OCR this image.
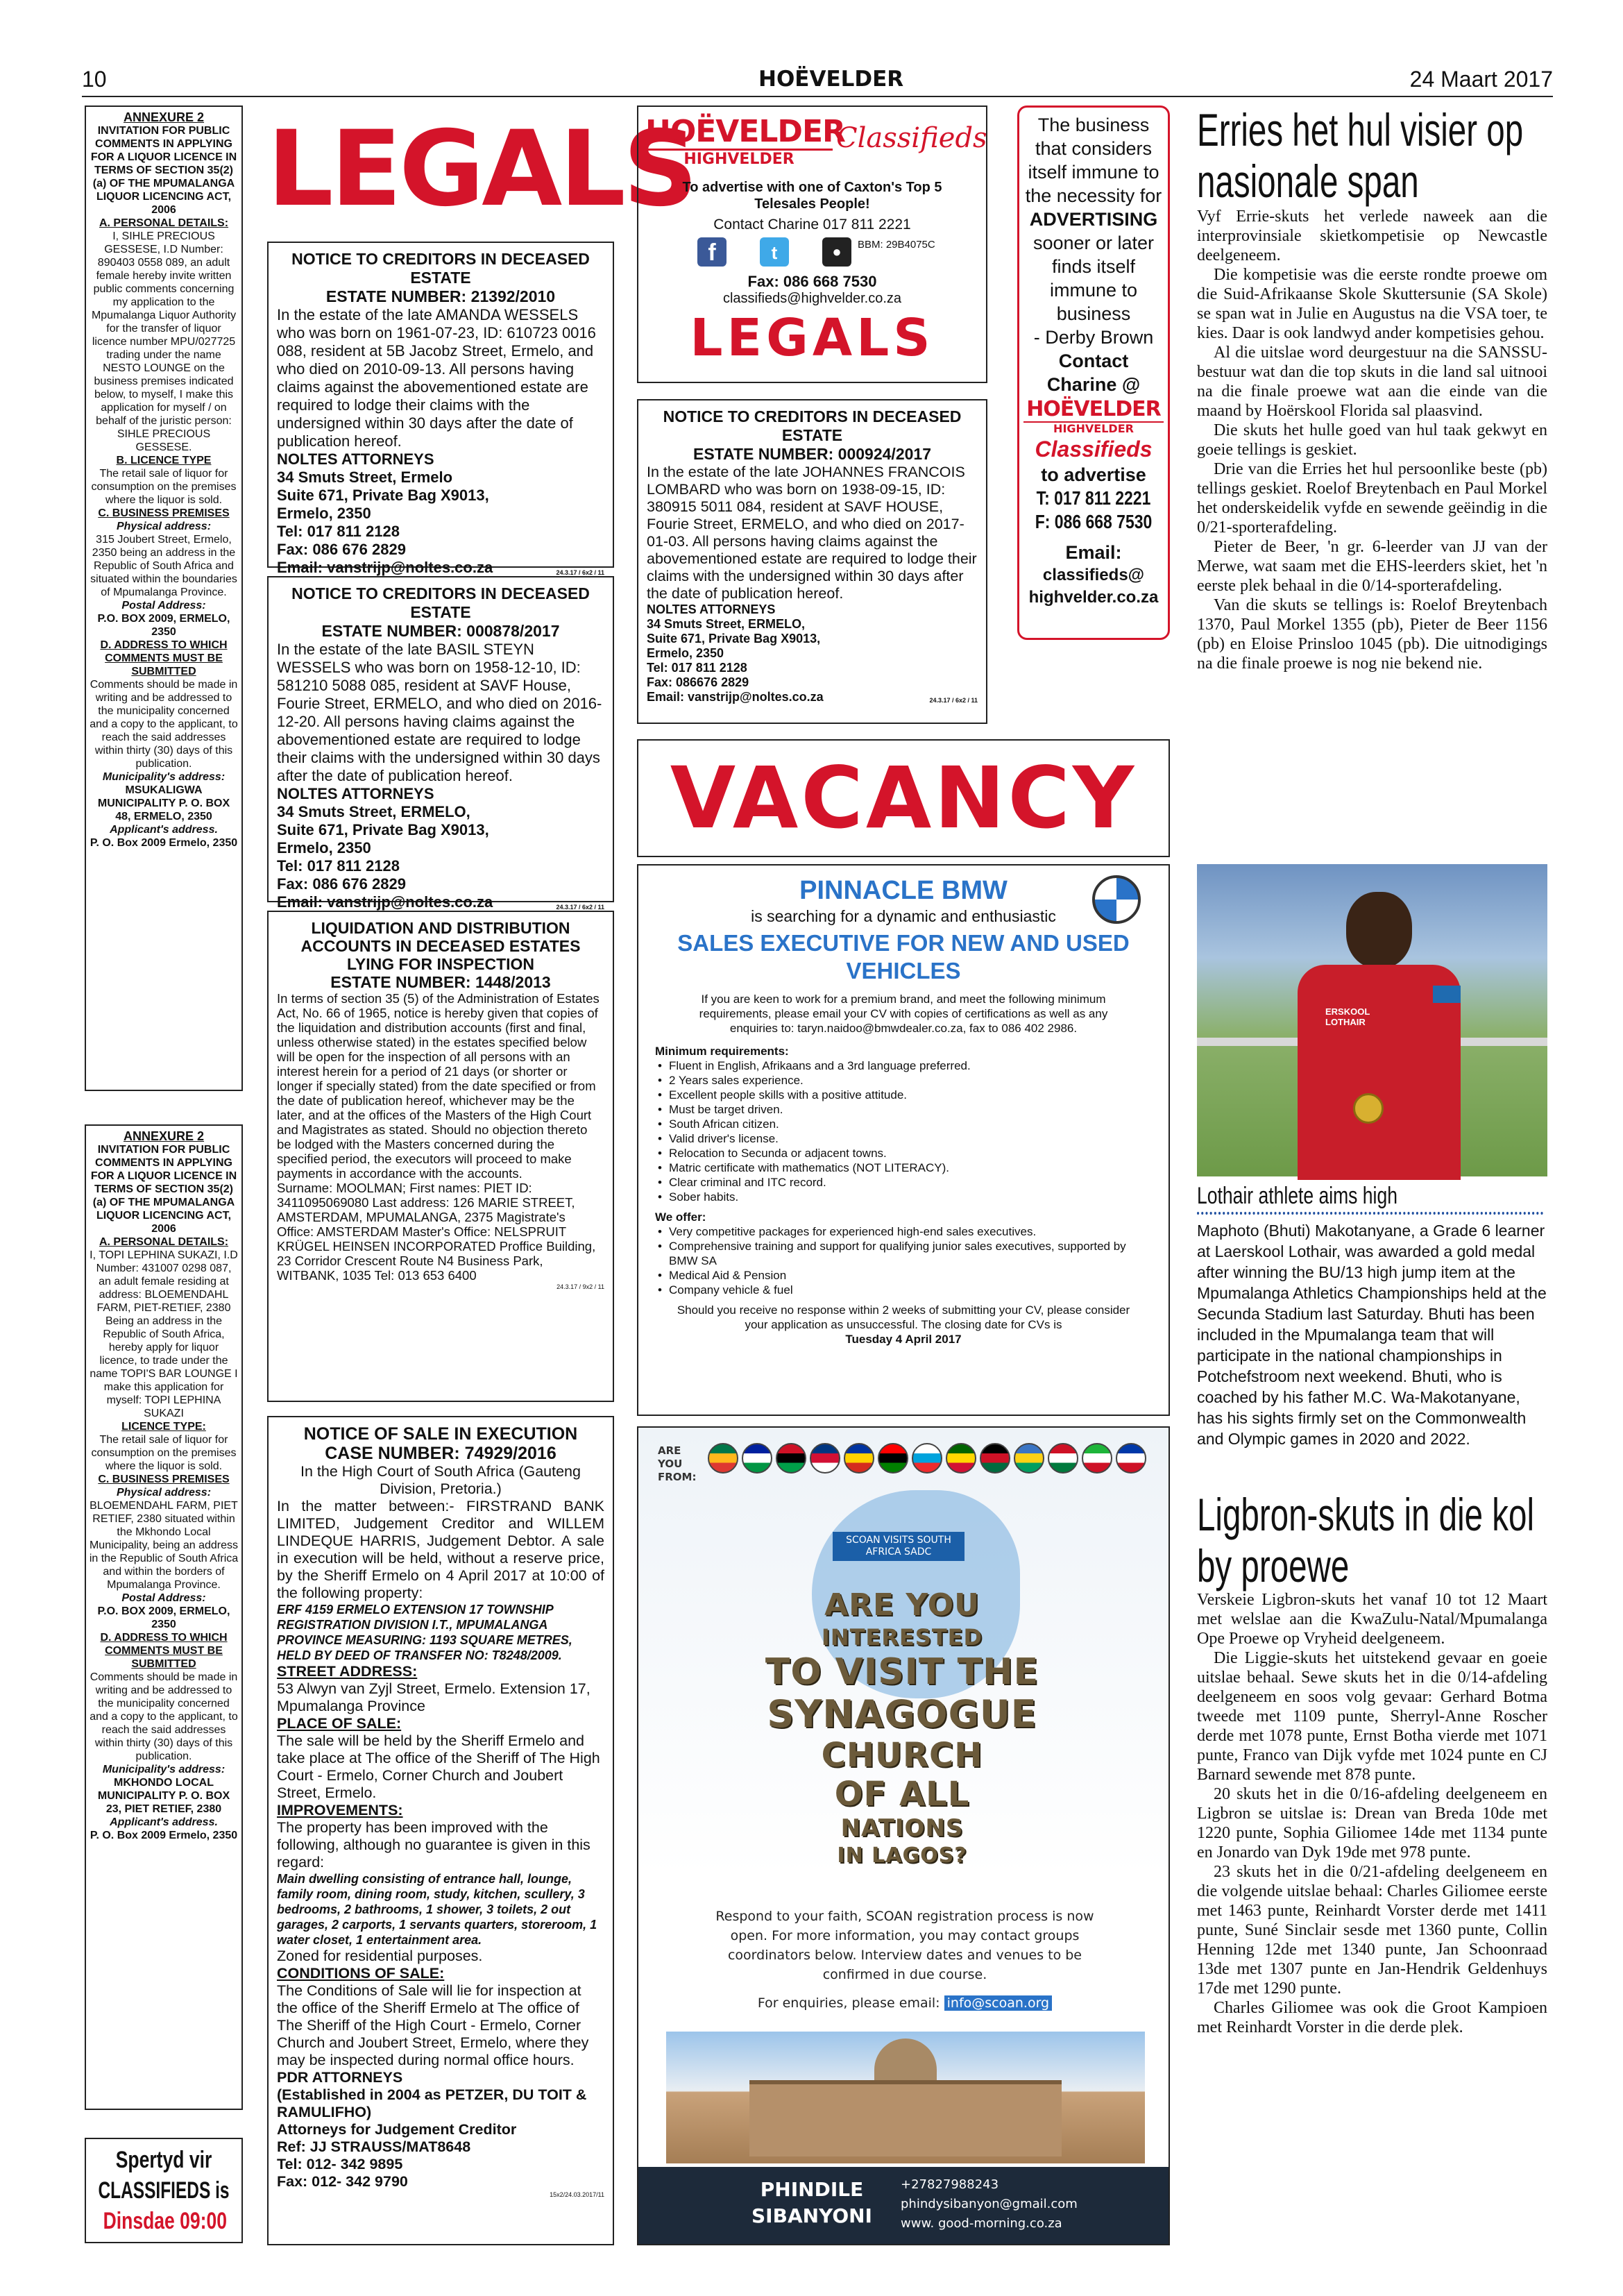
10	HOËVELDER	24 Maart 2017
ANNEXURE 2
INVITATION FOR PUBLIC COMMENTS IN APPLYING FOR A LIQUOR LICENCE IN TERMS OF SECTION 35(2)(a) OF THE MPUMALANGA LIQUOR LICENCING ACT, 2006
A. PERSONAL DETAILS:
I, SIHLE PRECIOUS GESSESE, I.D Number: 890403 0558 089, an adult female hereby invite written public comments concerning my application to the Mpumalanga Liquor Authority for the transfer of liquor licence number MPU/027725 trading under the name NESTO LOUNGE on the business premises indicated below, to myself, I make this application for myself / on behalf of the juristic person: SIHLE PRECIOUS GESSESE.
B. LICENCE TYPE
The retail sale of liquor for consumption on the premises where the liquor is sold.
C. BUSINESS PREMISES
Physical address:
315 Joubert Street, Ermelo, 2350 being an address in the Republic of South Africa and situated within the boundaries of Mpumalanga Province.
Postal Address:
P.O. BOX 2009, ERMELO, 2350
D. ADDRESS TO WHICH COMMENTS MUST BE SUBMITTED
Comments should be made in writing and be addressed to the municipality concerned and a copy to the applicant, to reach the said addresses within thirty (30) days of this publication.
Municipality's address:
MSUKALIGWA MUNICIPALITY P. O. BOX 48, ERMELO, 2350
Applicant's address.
P. O. Box 2009 Ermelo, 2350
ANNEXURE 2
INVITATION FOR PUBLIC COMMENTS IN APPLYING FOR A LIQUOR LICENCE IN TERMS OF SECTION 35(2)(a) OF THE MPUMALANGA LIQUOR LICENCING ACT, 2006
A. PERSONAL DETAILS:
I, TOPI LEPHINA SUKAZI, I.D Number: 431007 0298 087, an adult female residing at address: BLOEMENDAHL FARM, PIET-RETIEF, 2380 Being an address in the Republic of South Africa, hereby apply for liquor licence, to trade under the name TOPI'S BAR LOUNGE I make this application for myself: TOPI LEPHINA SUKAZI
LICENCE TYPE:
The retail sale of liquor for consumption on the premises where the liquor is sold.
C. BUSINESS PREMISES
Physical address:
BLOEMENDAHL FARM, PIET RETIEF, 2380 situated within the Mkhondo Local Municipality, being an address in the Republic of South Africa and within the borders of Mpumalanga Province.
Postal Address:
P.O. BOX 2009, ERMELO, 2350
D. ADDRESS TO WHICH COMMENTS MUST BE SUBMITTED
Comments should be made in writing and be addressed to the municipality concerned and a copy to the applicant, to reach the said addresses within thirty (30) days of this publication.
Municipality's address:
MKHONDO LOCAL MUNICIPALITY P. O. BOX 23, PIET RETIEF, 2380
Applicant's address.
P. O. Box 2009 Ermelo, 2350
Spertyd vir
CLASSIFIEDS is
Dinsdae 09:00
LEGALS
NOTICE TO CREDITORS IN DECEASED ESTATE
ESTATE NUMBER: 21392/2010
In the estate of the late AMANDA WESSELS who was born on 1961-07-23, ID: 610723 0016 088, resident at 5B Jacobz Street, Ermelo, and who died on 2010-09-13. All persons having claims against the abovementioned estate are required to lodge their claims with the undersigned within 30 days after the date of publication hereof.
NOLTES ATTORNEYS
34 Smuts Street, Ermelo
Suite 671, Private Bag X9013,
Ermelo, 2350
Tel: 017 811 2128
Fax: 086 676 2829
Email: vanstrijp@noltes.co.za	24.3.17 / 6x2 / 11
NOTICE TO CREDITORS IN DECEASED ESTATE
ESTATE NUMBER: 000878/2017
In the estate of the late BASIL STEYN WESSELS who was born on 1958-12-10, ID: 581210 5088 085, resident at SAVF House, Fourie Street, ERMELO, and who died on 2016-12-20. All persons having claims against the abovementioned estate are required to lodge their claims with the undersigned within 30 days after the date of publication hereof.
NOLTES ATTORNEYS
34 Smuts Street, ERMELO,
Suite 671, Private Bag X9013,
Ermelo, 2350
Tel: 017 811 2128
Fax: 086 676 2829
Email: vanstrijp@noltes.co.za	24.3.17 / 6x2 / 11
LIQUIDATION AND DISTRIBUTION ACCOUNTS IN DECEASED ESTATES LYING FOR INSPECTION
ESTATE NUMBER: 1448/2013
In terms of section 35 (5) of the Administration of Estates Act, No. 66 of 1965, notice is hereby given that copies of the liquidation and distribution accounts (first and final, unless otherwise stated) in the estates specified below will be open for the inspection of all persons with an interest herein for a period of 21 days (or shorter or longer if specially stated) from the date specified or from the date of publication hereof, whichever may be the later, and at the offices of the Masters of the High Court and Magistrates as stated. Should no objection thereto be lodged with the Masters concerned during the specified period, the executors will proceed to make payments in accordance with the accounts.
Surname: MOOLMAN; First names: PIET ID: 3411095069080 Last address: 126 MARIE STREET, AMSTERDAM, MPUMALANGA, 2375 Magistrate's Office: AMSTERDAM Master's Office: NELSPRUIT KRÜGEL HEINSEN INCORPORATED Proffice Building, 23 Corridor Crescent Route N4 Business Park, WITBANK, 1035 Tel: 013 653 6400
24.3.17 / 9x2 / 11
NOTICE OF SALE IN EXECUTION
CASE NUMBER: 74929/2016
In the High Court of South Africa (Gauteng Division, Pretoria.)
In the matter between:- FIRSTRAND BANK LIMITED, Judgement Creditor and WILLEM LINDEQUE HARRIS, Judgement Debtor. A sale in execution will be held, without a reserve price, by the Sheriff Ermelo on 4 April 2017 at 10:00 of the following property:
ERF 4159 ERMELO EXTENSION 17 TOWNSHIP REGISTRATION DIVISION I.T., MPUMALANGA PROVINCE MEASURING: 1193 SQUARE METRES, HELD BY DEED OF TRANSFER NO: T8248/2009.
STREET ADDRESS:
53 Alwyn van Zyjl Street, Ermelo. Extension 17, Mpumalanga Province
PLACE OF SALE:
The sale will be held by the Sheriff Ermelo and take place at The office of the Sheriff of The High Court - Ermelo, Corner Church and Joubert Street, Ermelo.
IMPROVEMENTS:
The property has been improved with the following, although no guarantee is given in this regard:
Main dwelling consisting of entrance hall, lounge, family room, dining room, study, kitchen, scullery, 3 bedrooms, 2 bathrooms, 1 shower, 3 toilets, 2 out garages, 2 carports, 1 servants quarters, storeroom, 1 water closet, 1 entertainment area.
Zoned for residential purposes.
CONDITIONS OF SALE:
The Conditions of Sale will lie for inspection at the office of the Sheriff Ermelo at The office of The Sheriff of the High Court - Ermelo, Corner Church and Joubert Street, Ermelo, where they may be inspected during normal office hours.
PDR ATTORNEYS
(Established in 2004 as PETZER, DU TOIT & RAMULIFHO)
Attorneys for Judgement Creditor
Ref: JJ STRAUSS/MAT8648
Tel: 012- 342 9895
Fax: 012- 342 9790
15x2/24.03.2017/11
HOËVELDER
HIGHVELDER
Classifieds
To advertise with one of Caxton's Top 5 Telesales People!
Contact Charine 017 811 2221
f	t	●	BBM: 29B4075C
Fax: 086 668 7530
classifieds@highvelder.co.za
LEGALS
NOTICE TO CREDITORS IN DECEASED ESTATE
ESTATE NUMBER: 000924/2017
In the estate of the late JOHANNES FRANCOIS LOMBARD who was born on 1938-09-15, ID: 380915 5011 084, resident at SAVF HOUSE, Fourie Street, ERMELO, and who died on 2017-01-03. All persons having claims against the abovementioned estate are required to lodge their claims with the undersigned within 30 days after the date of publication hereof.
NOLTES ATTORNEYS
34 Smuts Street, ERMELO,
Suite 671, Private Bag X9013,
Ermelo, 2350
Tel: 017 811 2128
Fax: 086676 2829
Email: vanstrijp@noltes.co.za	24.3.17 / 6x2 / 11
The business that considers itself immune to the necessity for
ADVERTISING
sooner or later finds itself immune to business
- Derby Brown
Contact Charine @
HOËVELDER
HIGHVELDER
Classifieds
to advertise
T: 017 811 2221
F: 086 668 7530
Email:
classifieds@ highvelder.co.za
VACANCY
PINNACLE BMW
is searching for a dynamic and enthusiastic
SALES EXECUTIVE FOR NEW AND USED VEHICLES
If you are keen to work for a premium brand, and meet the following minimum requirements, please email your CV with copies of certifications as well as any enquiries to: taryn.naidoo@bmwdealer.co.za, fax to 086 402 2986.
Minimum requirements:
• Fluent in English, Afrikaans and a 3rd language preferred.
• 2 Years sales experience.
• Excellent people skills with a positive attitude.
• Must be target driven.
• South African citizen.
• Valid driver's license.
• Relocation to Secunda or adjacent towns.
• Matric certificate with mathematics (NOT LITERACY).
• Clear criminal and ITC record.
• Sober habits.
We offer:
• Very competitive packages for experienced high-end sales executives.
• Comprehensive training and support for qualifying junior sales executives, supported by BMW SA
• Medical Aid & Pension
• Company vehicle & fuel
Should you receive no response within 2 weeks of submitting your CV, please consider your application as unsuccessful. The closing date for CVs is
Tuesday 4 April 2017
ARE YOU FROM:
SCOAN VISITS SOUTH AFRICA SADC
ARE YOU
INTERESTED
TO VISIT THE
SYNAGOGUE
CHURCH
OF ALL
NATIONS
IN LAGOS?
Respond to your faith, SCOAN registration process is now open. For more information, you may contact groups coordinators below. Interview dates and venues to be confirmed in due course.
For enquiries, please email: info@scoan.org
PHINDILE
SIBANYONI
+27827988243
phindysibanyon@gmail.com
www. good-morning.co.za
Erries het hul visier op nasionale span

Vyf Errie-skuts het verlede naweek aan die interprovinsiale skietkompetisie op Newcastle deelgeneem.

Die kompetisie was die eerste rondte proewe om die Suid-Afrikaanse Skole Skuttersunie (SA Skole) se span wat in Julie en Augustus na die VSA toer, te kies. Daar is ook landwyd ander kompetisies gehou.

Al die uitslae word deurgestuur na die SANSSU-bestuur wat dan die top skuts in die land sal uitnooi na die finale proewe wat aan die einde van die maand by Hoërskool Florida sal plaasvind.

Die skuts het hulle goed van hul taak gekwyt en goeie tellings is geskiet.

Drie van die Erries het hul persoonlike beste (pb) tellings geskiet. Roelof Breytenbach en Paul Morkel het onderskeidelik vyfde en sewende geëindig in die 0/21-sporterafdeling.

Pieter de Beer, 'n gr. 6-leerder van JJ van der Merwe, wat saam met die EHS-leerders skiet, het 'n eerste plek behaal in die 0/14-sporterafdeling.

Van die skuts se tellings is: Roelof Breytenbach 1370, Paul Morkel 1355 (pb), Pieter de Beer 1156 (pb) en Eloise Prinsloo 1045 (pb). Die uitnodigings na die finale proewe is nog nie bekend nie.

ERSKOOL LOTHAIR
Lothair athlete aims high
Maphoto (Bhuti) Makotanyane, a Grade 6 learner at Laerskool Lothair, was awarded a gold medal after winning the BU/13 high jump item at the Mpumalanga Athletics Championships held at the Secunda Stadium last Saturday. Bhuti has been included in the Mpumalanga team that will participate in the national championships in Potchefstroom next weekend. Bhuti, who is coached by his father M.C. Wa-Makotanyane, has his sights firmly set on the Commonwealth and Olympic games in 2020 and 2022.
Ligbron-skuts in die kol by proewe

Verskeie Ligbron-skuts het vanaf 10 tot 12 Maart met welslae aan die KwaZulu-Natal/Mpumalanga Ope Proewe op Vryheid deelgeneem.

Die Liggie-skuts het uitstekend gevaar en goeie uitslae behaal. Sewe skuts het in die 0/14-afdeling deelgeneem en soos volg gevaar: Gerhard Botma tweede met 1109 punte, Sherryl-Anne Roscher derde met 1078 punte, Ernst Botha vierde met 1071 punte, Franco van Dijk vyfde met 1024 punte en CJ Barnard sewende met 878 punte.

20 skuts het in die 0/16-afdeling deelgeneem en Ligbron se uitslae is: Drean van Breda 10de met 1220 punte, Sophia Giliomee 14de met 1134 punte en Jonardo van Dyk 19de met 978 punte.

23 skuts het in die 0/21-afdeling deelgeneem en die volgende uitslae behaal: Charles Giliomee eerste met 1463 punte, Reinhardt Vorster derde met 1411 punte, Suné Sinclair sesde met 1360 punte, Collin Henning 12de met 1340 punte, Jan Schoonraad 13de met 1307 punte en Jan-Hendrik Geldenhuys 17de met 1290 punte.

Charles Giliomee was ook die Groot Kampioen met Reinhardt Vorster in die derde plek.
